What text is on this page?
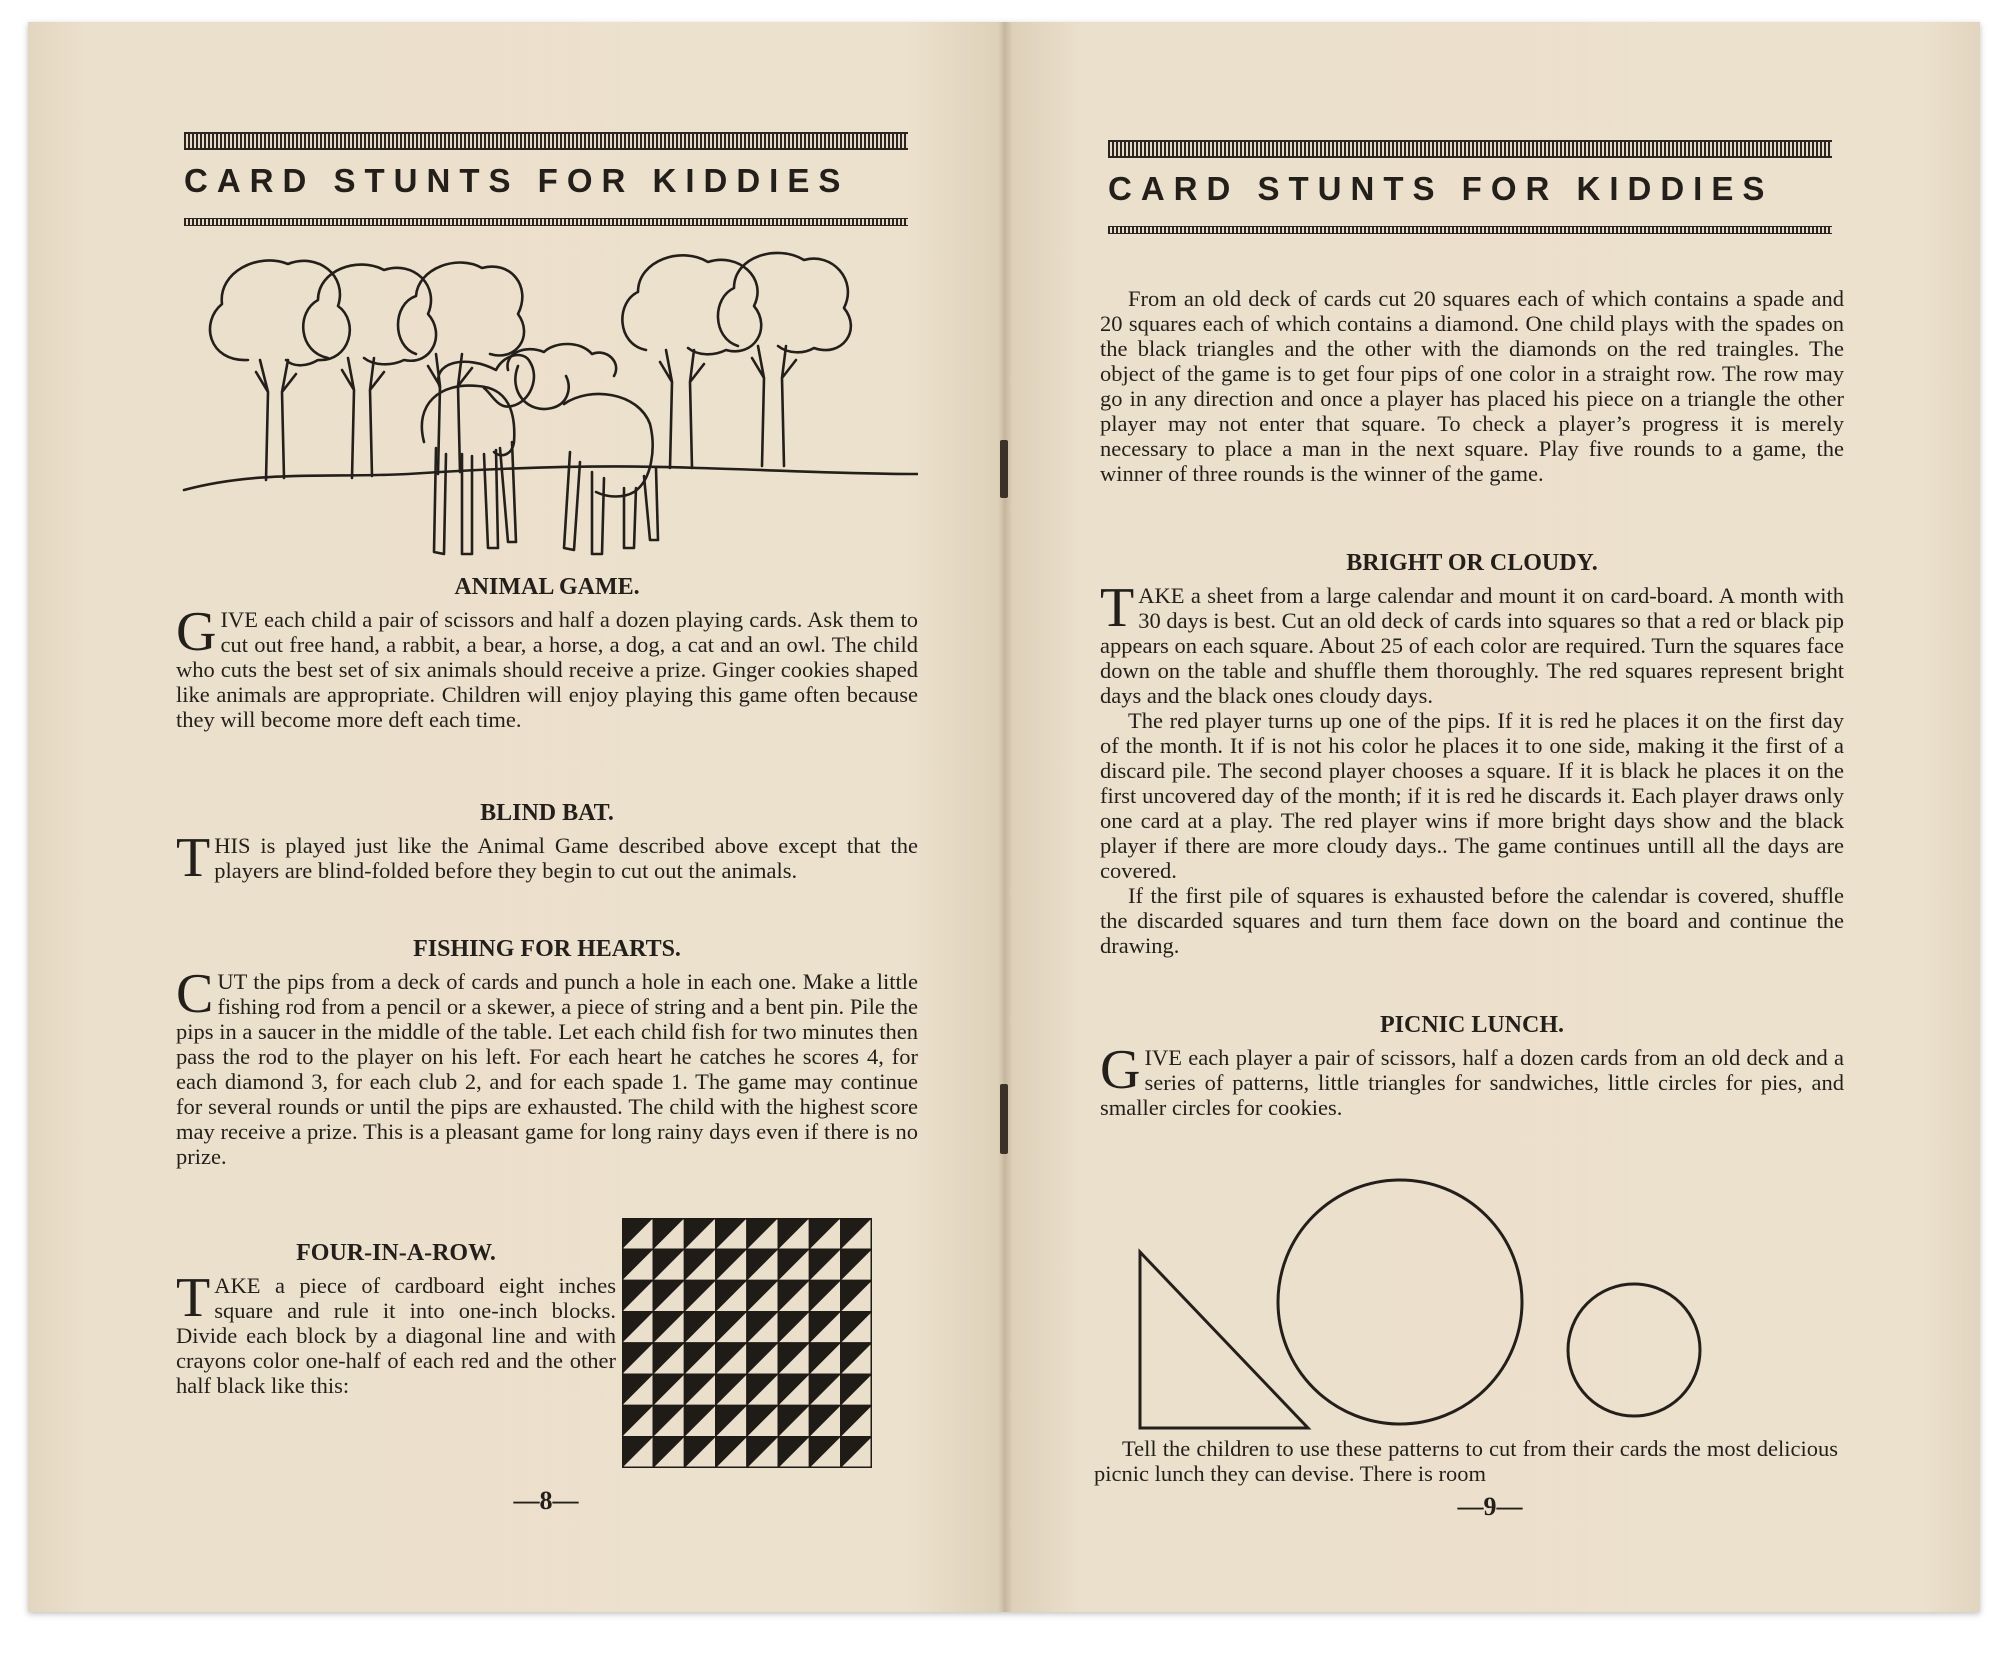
CARD STUNTS FOR KIDDIES
ANIMAL GAME.

GIVE each child a pair of scissors and half a dozen playing cards. Ask them to cut out free hand, a rabbit, a bear, a horse, a dog, a cat and an owl. The child who cuts the best set of six animals should receive a prize. Ginger cookies shaped like animals are appropriate. Children will enjoy playing this game often because they will become more deft each time.

BLIND BAT.

THIS is played just like the Animal Game described above except that the players are blind-folded before they begin to cut out the animals.

FISHING FOR HEARTS.

CUT the pips from a deck of cards and punch a hole in each one. Make a little fishing rod from a pencil or a skewer, a piece of string and a bent pin. Pile the pips in a saucer in the middle of the table. Let each child fish for two minutes then pass the rod to the player on his left. For each heart he catches he scores 4, for each diamond 3, for each club 2, and for each spade 1. The game may continue for several rounds or until the pips are exhausted. The child with the highest score may receive a prize. This is a pleasant game for long rainy days even if there is no prize.

FOUR-IN-A-ROW.

TAKE a piece of cardboard eight inches square and rule it into one-inch blocks. Divide each block by a diagonal line and with crayons color one-half of each red and the other half black like this:

—8—
CARD STUNTS FOR KIDDIES

From an old deck of cards cut 20 squares each of which contains a spade and 20 squares each of which contains a diamond. One child plays with the spades on the black triangles and the other with the diamonds on the red traingles. The object of the game is to get four pips of one color in a straight row. The row may go in any direction and once a player has placed his piece on a triangle the other player may not enter that square. To check a player’s progress it is merely necessary to place a man in the next square. Play five rounds to a game, the winner of three rounds is the winner of the game.

BRIGHT OR CLOUDY.

TAKE a sheet from a large calendar and mount it on card-board. A month with 30 days is best. Cut an old deck of cards into squares so that a red or black pip appears on each square. About 25 of each color are required. Turn the squares face down on the table and shuffle them thoroughly. The red squares represent bright days and the black ones cloudy days.

The red player turns up one of the pips. If it is red he places it on the first day of the month. It if is not his color he places it to one side, making it the first of a discard pile. The second player chooses a square. If it is black he places it on the first uncovered day of the month; if it is red he discards it. Each player draws only one card at a play. The red player wins if more bright days show and the black player if there are more cloudy days.. The game continues untill all the days are covered.

If the first pile of squares is exhausted before the calendar is covered, shuffle the discarded squares and turn them face down on the board and continue the drawing.

PICNIC LUNCH.

GIVE each player a pair of scissors, half a dozen cards from an old deck and a series of patterns, little triangles for sandwiches, little circles for pies, and smaller circles for cookies.

Tell the children to use these patterns to cut from their cards the most delicious picnic lunch they can devise. There is room

—9—
